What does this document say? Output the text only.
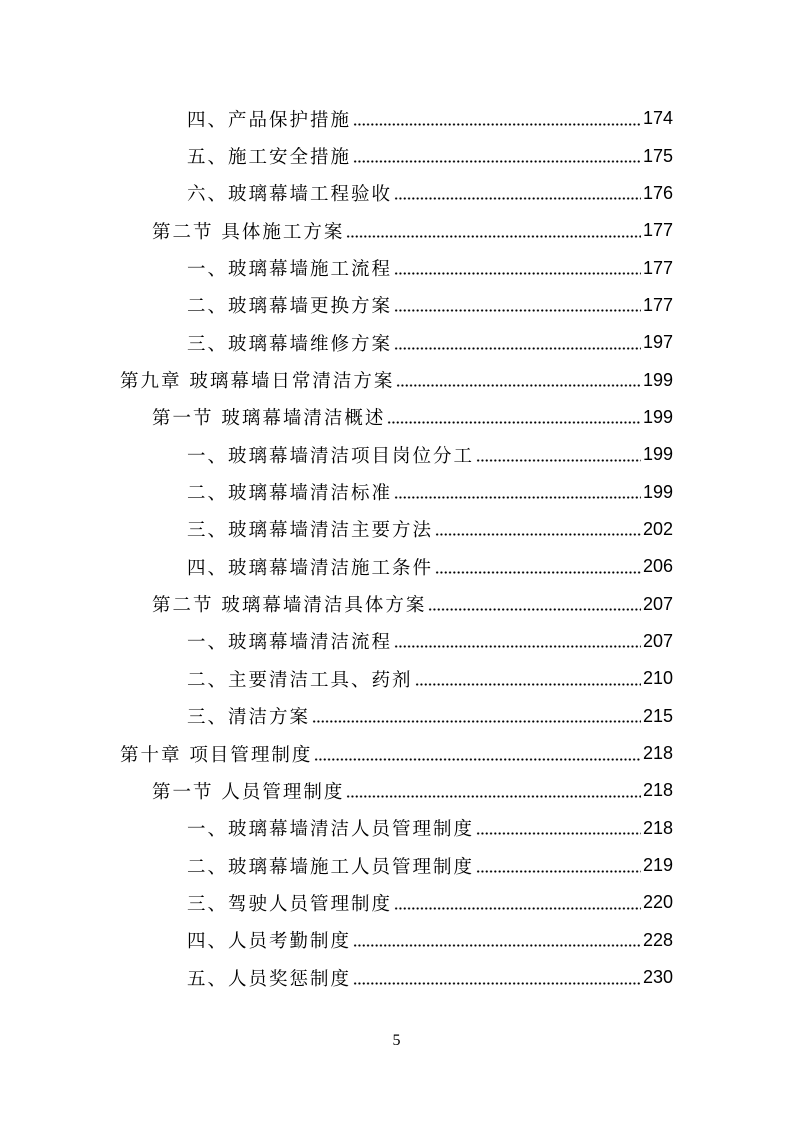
四、产品保护措施	174
五、施工安全措施	175
六、玻璃幕墙工程验收	176
第二节 具体施工方案	177
一、玻璃幕墙施工流程	177
二、玻璃幕墙更换方案	177
三、玻璃幕墙维修方案	197
第九章 玻璃幕墙日常清洁方案	199
第一节 玻璃幕墙清洁概述	199
一、玻璃幕墙清洁项目岗位分工	199
二、玻璃幕墙清洁标准	199
三、玻璃幕墙清洁主要方法	202
四、玻璃幕墙清洁施工条件	206
第二节 玻璃幕墙清洁具体方案	207
一、玻璃幕墙清洁流程	207
二、主要清洁工具、药剂	210
三、清洁方案	215
第十章 项目管理制度	218
第一节 人员管理制度	218
一、玻璃幕墙清洁人员管理制度	218
二、玻璃幕墙施工人员管理制度	219
三、驾驶人员管理制度	220
四、人员考勤制度	228
五、人员奖惩制度	230
5
